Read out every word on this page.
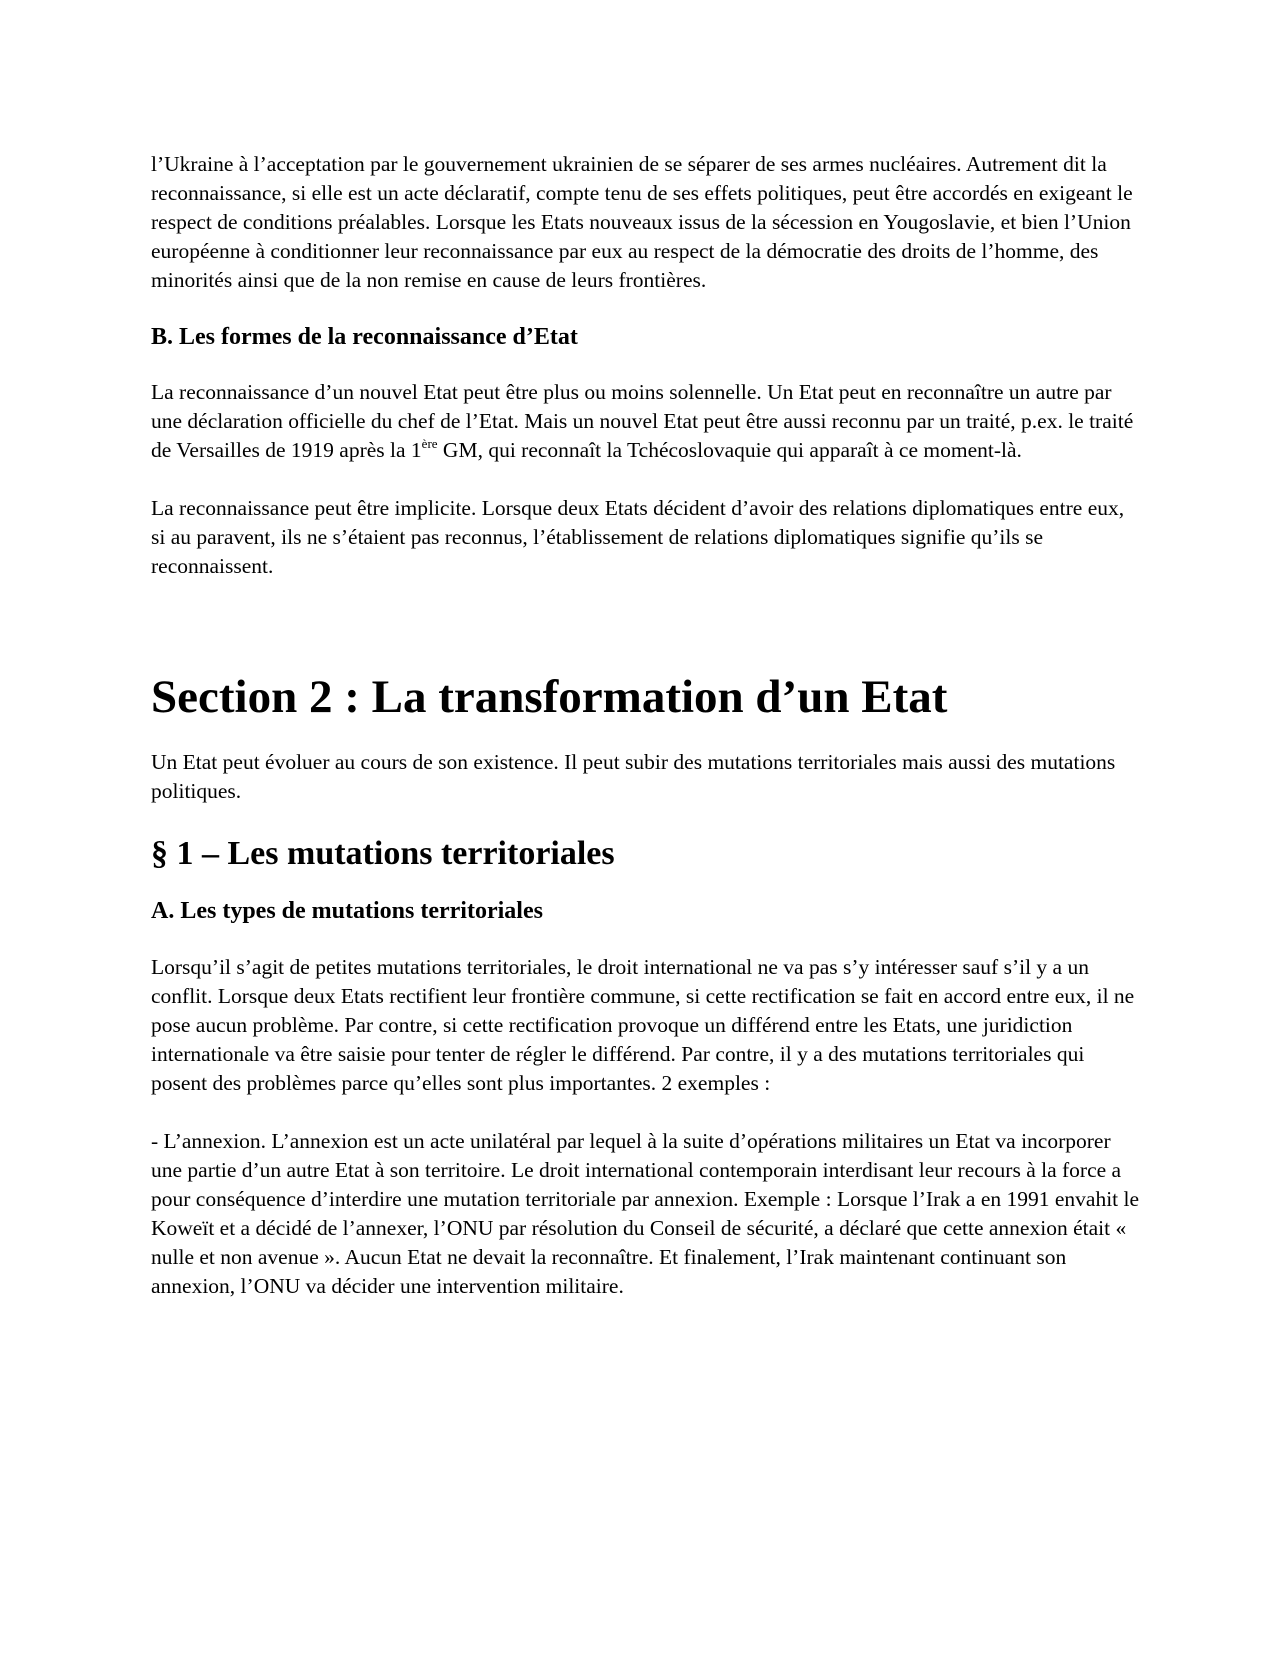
l’Ukraine à l’acceptation par le gouvernement ukrainien de se séparer de ses armes nucléaires. Autrement dit la reconnaissance, si elle est un acte déclaratif, compte tenu de ses effets politiques, peut être accordés en exigeant le respect de conditions préalables. Lorsque les Etats nouveaux issus de la sécession en Yougoslavie, et bien l’Union européenne à conditionner leur reconnaissance par eux au respect de la démocratie des droits de l’homme, des minorités ainsi que de la non remise en cause de leurs frontières.

B. Les formes de la reconnaissance d’Etat

La reconnaissance d’un nouvel Etat peut être plus ou moins solennelle. Un Etat peut en reconnaître un autre par une déclaration officielle du chef de l’Etat. Mais un nouvel Etat peut être aussi reconnu par un traité, p.ex. le traité de Versailles de 1919 après la 1ère GM, qui reconnaît la Tchécoslovaquie qui apparaît à ce moment-là.

La reconnaissance peut être implicite. Lorsque deux Etats décident d’avoir des relations diplomatiques entre eux, si au paravent, ils ne s’étaient pas reconnus, l’établissement de relations diplomatiques signifie qu’ils se reconnaissent.

Section 2 : La transformation d’un Etat

Un Etat peut évoluer au cours de son existence. Il peut subir des mutations territoriales mais aussi des mutations politiques.

§ 1 – Les mutations territoriales
A. Les types de mutations territoriales

Lorsqu’il s’agit de petites mutations territoriales, le droit international ne va pas s’y intéresser sauf s’il y a un conflit. Lorsque deux Etats rectifient leur frontière commune, si cette rectification se fait en accord entre eux, il ne pose aucun problème. Par contre, si cette rectification provoque un différend entre les Etats, une juridiction internationale va être saisie pour tenter de régler le différend. Par contre, il y a des mutations territoriales qui posent des problèmes parce qu’elles sont plus importantes. 2 exemples :

- L’annexion. L’annexion est un acte unilatéral par lequel à la suite d’opérations militaires un Etat va incorporer une partie d’un autre Etat à son territoire. Le droit international contemporain interdisant leur recours à la force a pour conséquence d’interdire une mutation territoriale par annexion. Exemple : Lorsque l’Irak a en 1991 envahit le Koweït et a décidé de l’annexer, l’ONU par résolution du Conseil de sécurité, a déclaré que cette annexion était « nulle et non avenue ». Aucun Etat ne devait la reconnaître. Et finalement, l’Irak maintenant continuant son annexion, l’ONU va décider une intervention militaire.
